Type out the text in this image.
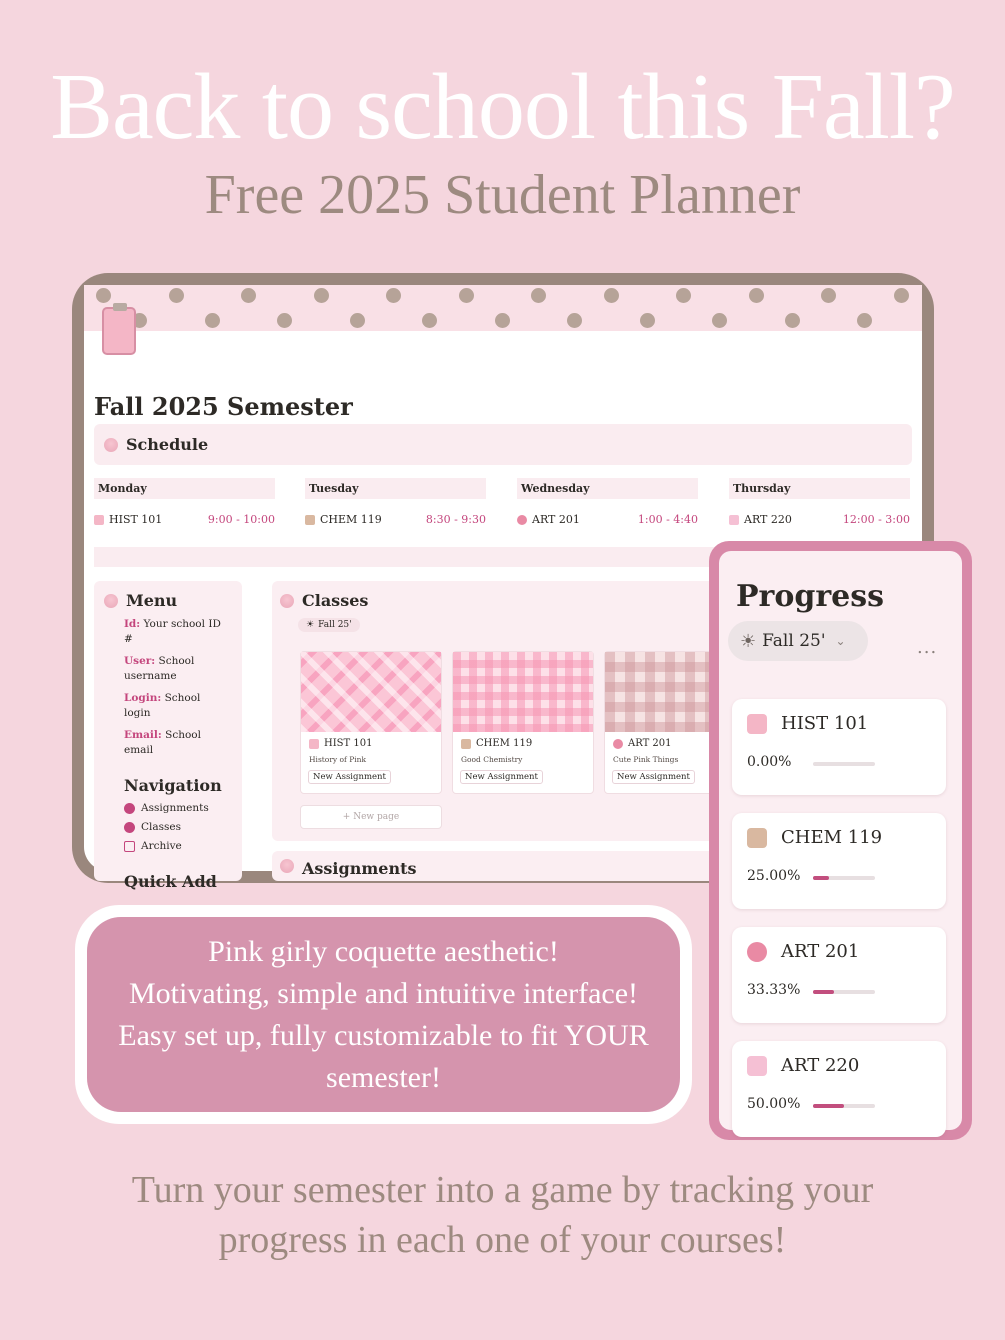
Back to school this Fall?
Free 2025 Student Planner
Fall 2025 Semester
Schedule
Monday
HIST 101	9:00 - 10:00
Tuesday
CHEM 119	8:30 - 9:30
Wednesday
ART 201	1:00 - 4:40
Thursday
ART 220	12:00 - 3:00
Menu
Id: Your school ID #
User: School username
Login: School login
Email: School email
Navigation
Assignments
Classes
Archive
Quick Add
Classes
☀ Fall 25'
HIST 101
History of Pink
New Assignment
CHEM 119
Good Chemistry
New Assignment
ART 201
Cute Pink Things
New Assignment
+ New page
Assignments
Progress
☀ Fall 25' ⌄	...
HIST 101
0.00%
CHEM 119
25.00%
ART 201
33.33%
ART 220
50.00%
Pink girly coquette aesthetic!
Motivating, simple and intuitive interface!
Easy set up, fully customizable to fit YOUR
semester!
Turn your semester into a game by tracking your
progress in each one of your courses!
